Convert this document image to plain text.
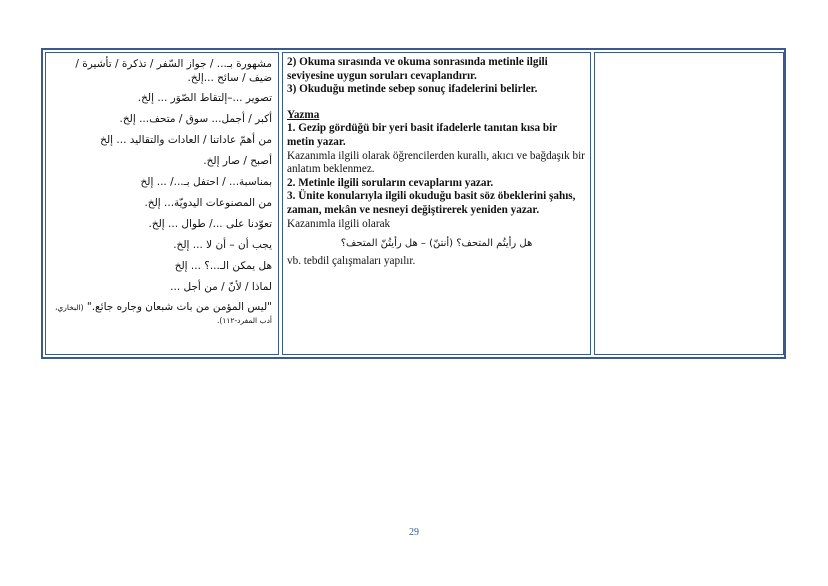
مشهورة بـ... / جواز السّفر / تذكرة / تأشيرة / ضيف / سائح ...إلخ.

تصوير ...–إلتقاط الصّوَر ... إلخ.

أكبر / أجمل... سوق / متحف... إلخ.

من أهمّ عاداتنا / العادات والتقاليد ... إلخ

أصبح / صار إلخ.

بمناسبة... / احتفل بـ.../ ... إلخ

من المصنوعات اليدويّة... إلخ.

تعوّدنا على .../ طوال ... إلخ.

يجب أن – أن لا ... إلخ.

هل يمكن الـ...؟ ... إلخ

لماذا / لأنّ / من أجل ...

"ليس المؤمن من بات شبعان وجاره جائع." (البخاري، أدب المفرد-١١٢).

2) Okuma sırasında ve okuma sonrasında metinle ilgili seviyesine uygun soruları cevaplandırır.

3) Okuduğu metinde sebep sonuç ifadelerini belirler.

Yazma

1. Gezip gördüğü bir yeri basit ifadelerle tanıtan kısa bir metin yazar.

Kazanımla ilgili olarak öğrencilerden kurallı, akıcı ve bağdaşık bir anlatım beklenmez.

2. Metinle ilgili soruların cevaplarını yazar.

3. Ünite konularıyla ilgili okuduğu basit söz öbeklerini şahıs, zaman, mekân ve nesneyi değiştirerek yeniden yazar.

Kazanımla ilgili olarak

هل رأيتُم المتحف؟ (أنتنّ) – هل رأيتُنّ المتحف؟

vb. tebdil çalışmaları yapılır.

29
